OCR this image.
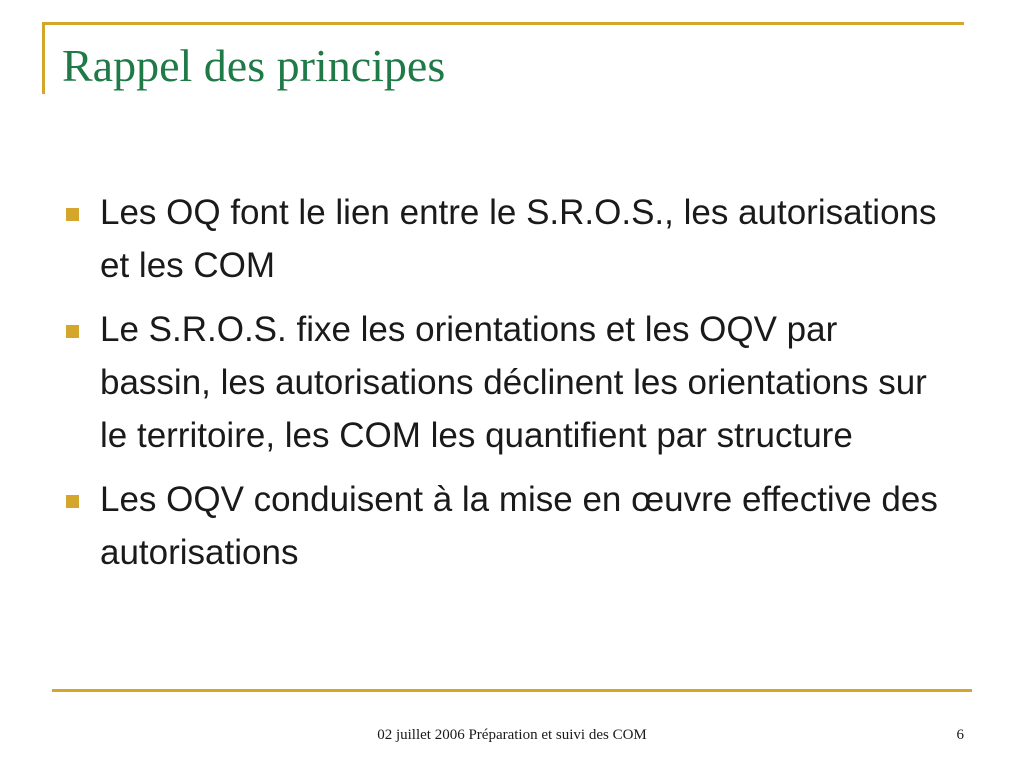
Rappel des principes
Les OQ font le lien entre le S.R.O.S., les autorisations et les COM
Le S.R.O.S. fixe les orientations et les OQV par bassin, les autorisations déclinent les orientations sur le territoire, les COM les quantifient par structure
Les OQV conduisent à la mise en œuvre effective des autorisations
02 juillet 2006 Préparation et suivi des COM	6
